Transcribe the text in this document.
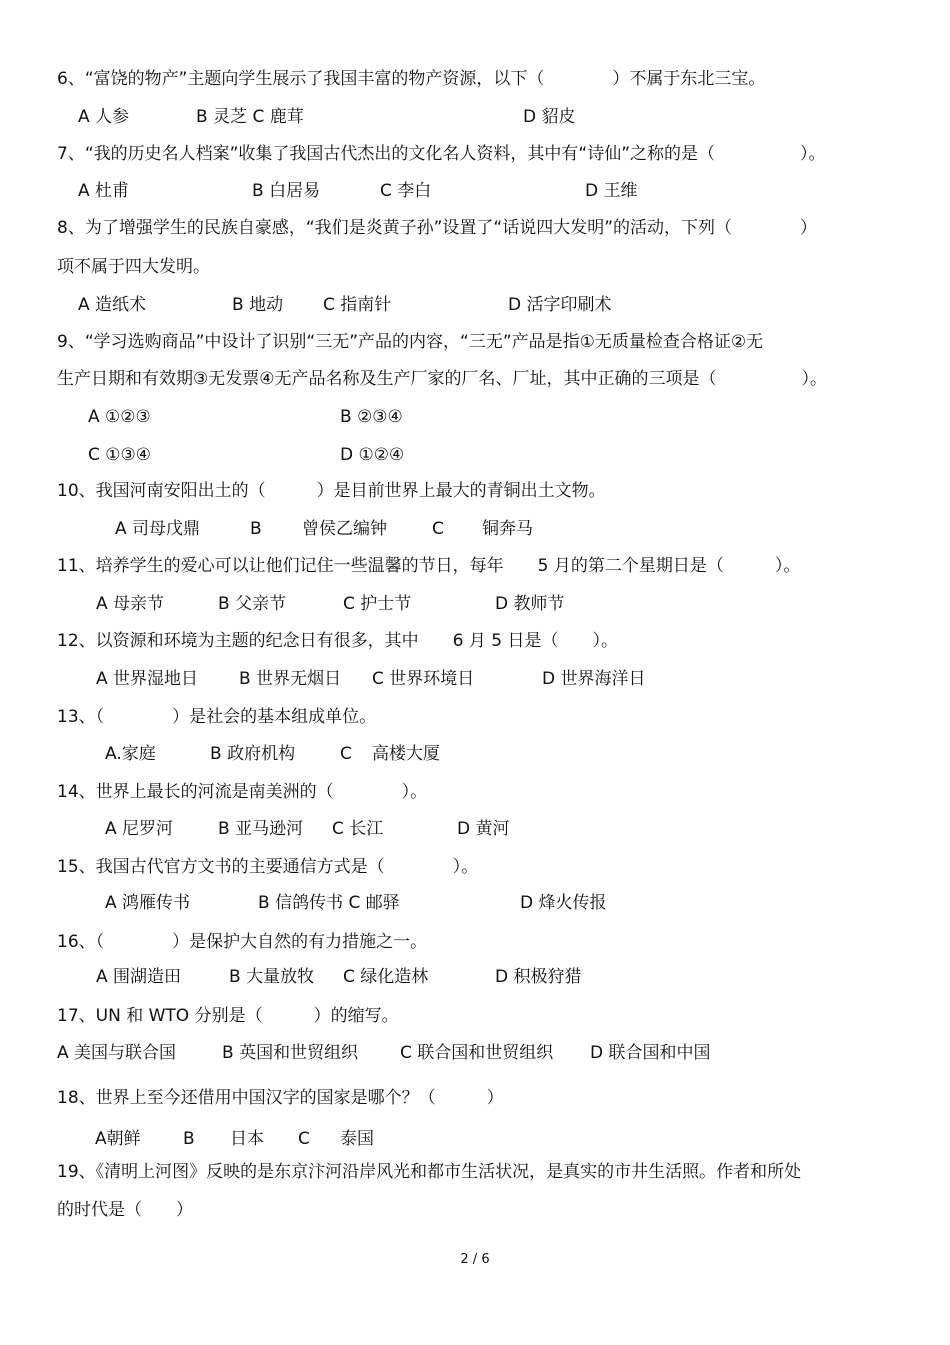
6、“富饶的物产”主题向学生展示了我国丰富的物产资源，以下（　　　　）不属于东北三宝。
A 人参	B 灵芝 C 鹿茸	D 貂皮
7、“我的历史名人档案”收集了我国古代杰出的文化名人资料，其中有“诗仙”之称的是（　　　　　）。
A 杜甫	B 白居易	C 李白	D 王维
8、为了增强学生的民族自豪感，“我们是炎黄子孙”设置了“话说四大发明”的活动，下列（　　　　）
项不属于四大发明。
A 造纸术	B 地动 C 指南针	D 活字印刷术
9、“学习选购商品”中设计了识别“三无”产品的内容，“三无”产品是指①无质量检查合格证②无
生产日期和有效期③无发票④无产品名称及生产厂家的厂名、厂址，其中正确的三项是（　　　　　）。
A ①②③	B ②③④
C ①③④	D ①②④
10、我国河南安阳出土的（　　　）是目前世界上最大的青铜出土文物。
A 司母戊鼎	B 曾侯乙编钟	C 铜奔马
11、培养学生的爱心可以让他们记住一些温馨的节日，每年　　5 月的第二个星期日是（　　　）。
A 母亲节	B 父亲节	C 护士节	D 教师节
12、以资源和环境为主题的纪念日有很多，其中　　6 月 5 日是（　　）。
A 世界湿地日 B 世界无烟日 C 世界环境日	D 世界海洋日
13、（　　　　）是社会的基本组成单位。
A.家庭	B 政府机构	C 高楼大厦
14、世界上最长的河流是南美洲的（　　　　）。
A 尼罗河	B 亚马逊河 C 长江	D 黄河
15、我国古代官方文书的主要通信方式是（　　　　）。
A 鸿雁传书	B 信鸽传书 C 邮驿	D 烽火传报
16、（　　　　）是保护大自然的有力措施之一。
A 围湖造田	B 大量放牧 C 绿化造林	D 积极狩猎
17、UN 和 WTO 分别是（　　　）的缩写。
A 美国与联合国	B 英国和世贸组织 C 联合国和世贸组织 D 联合国和中国
18、世界上至今还借用中国汉字的国家是哪个？（　　　）
A朝鲜 B 日本 C 泰国
19、《清明上河图》反映的是东京汴河沿岸风光和都市生活状况，是真实的市井生活照。作者和所处
的时代是（　　）
2 / 6
